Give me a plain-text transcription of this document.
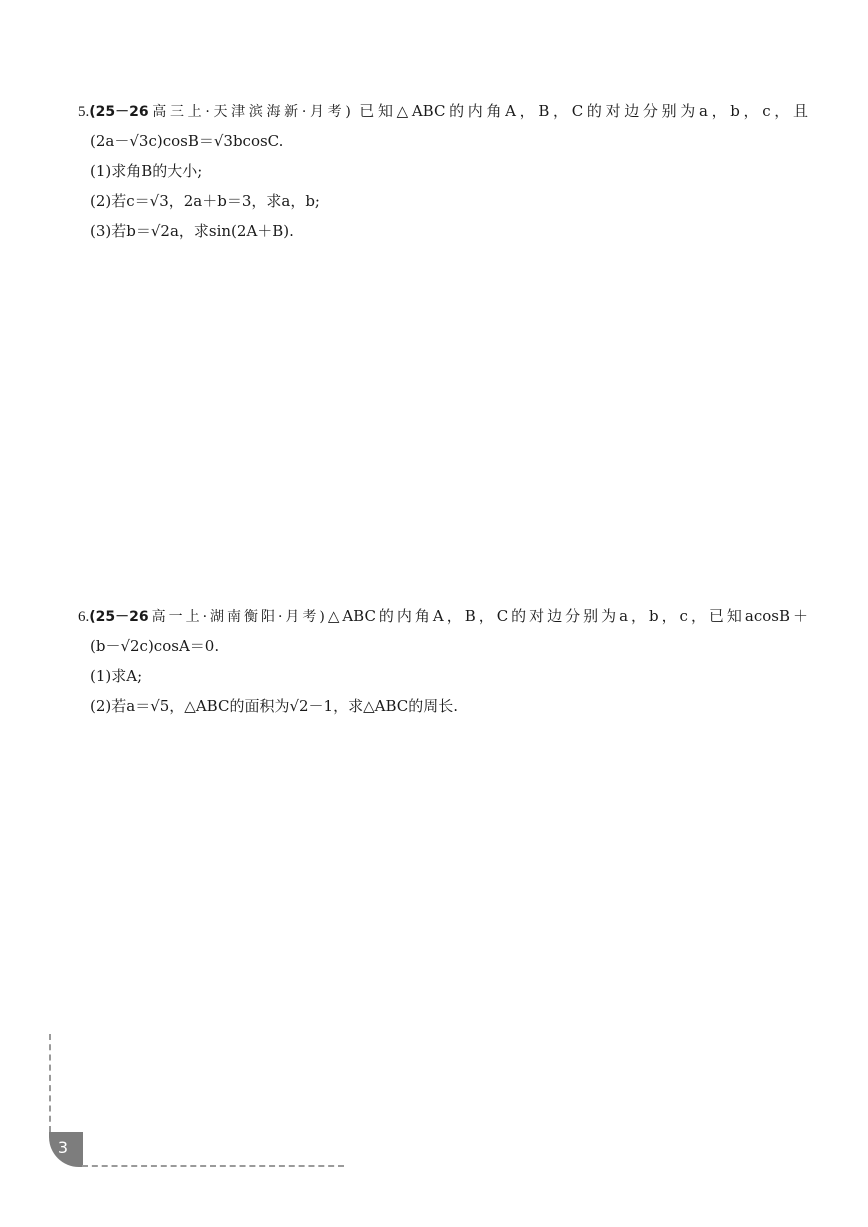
5.(25－26高三上·天津滨海新·月考) 已知△ABC的内角A，B，C的对边分别为a，b，c，且
(2a－√3c)cosB＝√3bcosC.
(1)求角B的大小;
(2)若c＝√3，2a＋b＝3，求a，b;
(3)若b＝√2a，求sin(2A＋B).
6.(25－26高一上·湖南衡阳·月考)△ABC的内角A，B，C的对边分别为a，b，c，已知acosB＋
(b－√2c)cosA＝0.
(1)求A;
(2)若a＝√5，△ABC的面积为√2－1，求△ABC的周长.
3
